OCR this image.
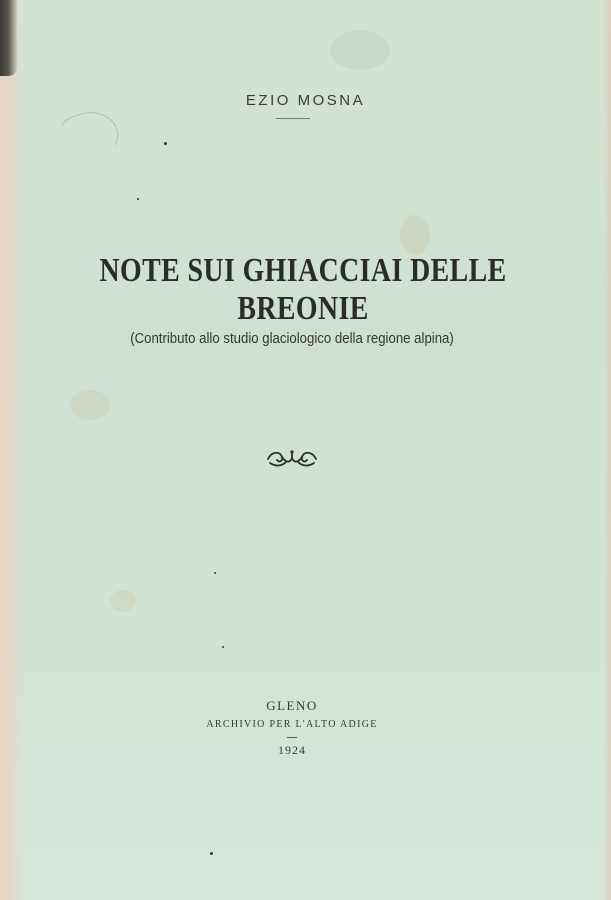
EZIO MOSNA
NOTE SUI GHIACCIAI DELLE BREONIE
(Contributo allo studio glaciologico della regione alpina)
GLENO
ARCHIVIO PER L'ALTO ADIGE
1924
